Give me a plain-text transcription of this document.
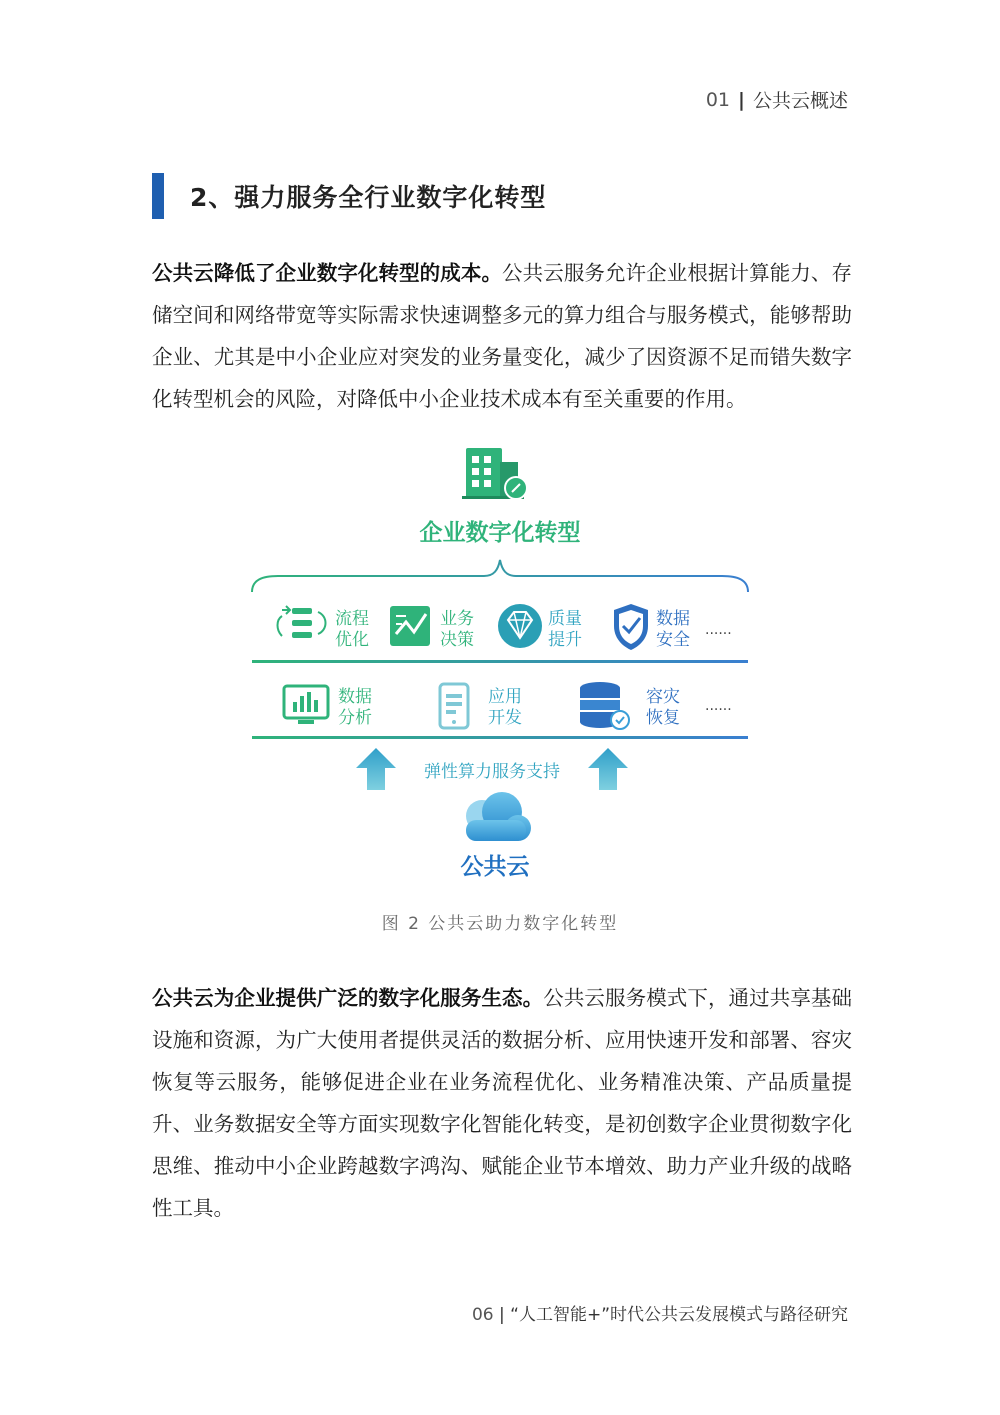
01 | 公共云概述
2、强力服务全行业数字化转型

公共云降低了企业数字化转型的成本。公共云服务允许企业根据计算能力、存储空间和网络带宽等实际需求快速调整多元的算力组合与服务模式，能够帮助企业、尤其是中小企业应对突发的业务量变化，减少了因资源不足而错失数字化转型机会的风险，对降低中小企业技术成本有至关重要的作用。

企业数字化转型
流程
优化
业务
决策
质量
提升
数据
安全 ......
数据
分析
应用
开发
容灾
恢复
......
弹性算力服务支持
公共云
图 2 公共云助力数字化转型

公共云为企业提供广泛的数字化服务生态。公共云服务模式下，通过共享基础设施和资源，为广大使用者提供灵活的数据分析、应用快速开发和部署、容灾恢复等云服务，能够促进企业在业务流程优化、业务精准决策、产品质量提升、业务数据安全等方面实现数字化智能化转变，是初创数字企业贯彻数字化思维、推动中小企业跨越数字鸿沟、赋能企业节本增效、助力产业升级的战略性工具。

06 | “人工智能+”时代公共云发展模式与路径研究
